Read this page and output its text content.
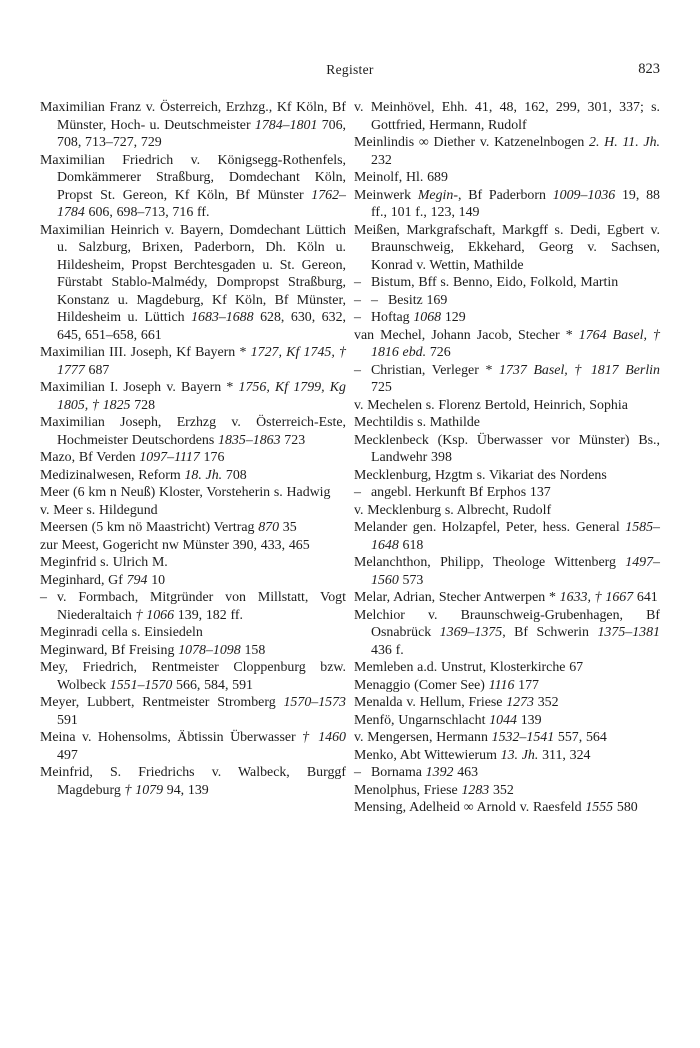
Register	823

Maximilian Franz v. Österreich, Erzhzg., Kf Köln, Bf Münster, Hoch- u. Deutschmeister 1784–1801 706, 708, 713–727, 729

Maximilian Friedrich v. Königsegg-Rothenfels, Domkämmerer Straßburg, Domdechant Köln, Propst St. Gereon, Kf Köln, Bf Münster 1762–1784 606, 698–713, 716 ff.

Maximilian Heinrich v. Bayern, Domdechant Lüttich u. Salzburg, Brixen, Paderborn, Dh. Köln u. Hildesheim, Propst Berchtesgaden u. St. Gereon, Fürstabt Stablo-Malmédy, Dompropst Straßburg, Konstanz u. Magdeburg, Kf Köln, Bf Münster, Hildesheim u. Lüttich 1683–1688 628, 630, 632, 645, 651–658, 661

Maximilian III. Joseph, Kf Bayern * 1727, Kf 1745, † 1777 687

Maximilian I. Joseph v. Bayern * 1756, Kf 1799, Kg 1805, † 1825 728

Maximilian Joseph, Erzhzg v. Österreich-Este, Hochmeister Deutschordens 1835–1863 723

Mazo, Bf Verden 1097–1117 176

Medizinalwesen, Reform 18. Jh. 708

Meer (6 km n Neuß) Kloster, Vorsteherin s. Hadwig

v. Meer s. Hildegund

Meersen (5 km nö Maastricht) Vertrag 870 35

zur Meest, Gogericht nw Münster 390, 433, 465

Meginfrid s. Ulrich M.

Meginhard, Gf 794 10

– v. Formbach, Mitgründer von Millstatt, Vogt Niederaltaich † 1066 139, 182 ff.

Meginradi cella s. Einsiedeln

Meginward, Bf Freising 1078–1098 158

Mey, Friedrich, Rentmeister Cloppenburg bzw. Wolbeck 1551–1570 566, 584, 591

Meyer, Lubbert, Rentmeister Stromberg 1570–1573 591

Meina v. Hohensolms, Äbtissin Überwasser † 1460 497

Meinfrid, S. Friedrichs v. Walbeck, Burggf Magdeburg † 1079 94, 139

v. Meinhövel, Ehh. 41, 48, 162, 299, 301, 337; s. Gottfried, Hermann, Rudolf

Meinlindis ∞ Diether v. Katzenelnbogen 2. H. 11. Jh. 232

Meinolf, Hl. 689

Meinwerk Megin-, Bf Paderborn 1009–1036 19, 88 ff., 101 f., 123, 149

Meißen, Markgrafschaft, Markgff s. Dedi, Egbert v. Braunschweig, Ekkehard, Georg v. Sachsen, Konrad v. Wettin, Mathilde

– Bistum, Bff s. Benno, Eido, Folkold, Martin

– – Besitz 169

– Hoftag 1068 129

van Mechel, Johann Jacob, Stecher * 1764 Basel, † 1816 ebd. 726

– Christian, Verleger * 1737 Basel, † 1817 Berlin 725

v. Mechelen s. Florenz Bertold, Heinrich, Sophia

Mechtildis s. Mathilde

Mecklenbeck (Ksp. Überwasser vor Münster) Bs., Landwehr 398

Mecklenburg, Hzgtm s. Vikariat des Nordens

– angebl. Herkunft Bf Erphos 137

v. Mecklenburg s. Albrecht, Rudolf

Melander gen. Holzapfel, Peter, hess. General 1585–1648 618

Melanchthon, Philipp, Theologe Wittenberg 1497–1560 573

Melar, Adrian, Stecher Antwerpen * 1633, † 1667 641

Melchior v. Braunschweig-Grubenhagen, Bf Osnabrück 1369–1375, Bf Schwerin 1375–1381 436 f.

Memleben a.d. Unstrut, Klosterkirche 67

Menaggio (Comer See) 1116 177

Menalda v. Hellum, Friese 1273 352

Menfö, Ungarnschlacht 1044 139

v. Mengersen, Hermann 1532–1541 557, 564

Menko, Abt Wittewierum 13. Jh. 311, 324

– Bornama 1392 463

Menolphus, Friese 1283 352

Mensing, Adelheid ∞ Arnold v. Raesfeld 1555 580
